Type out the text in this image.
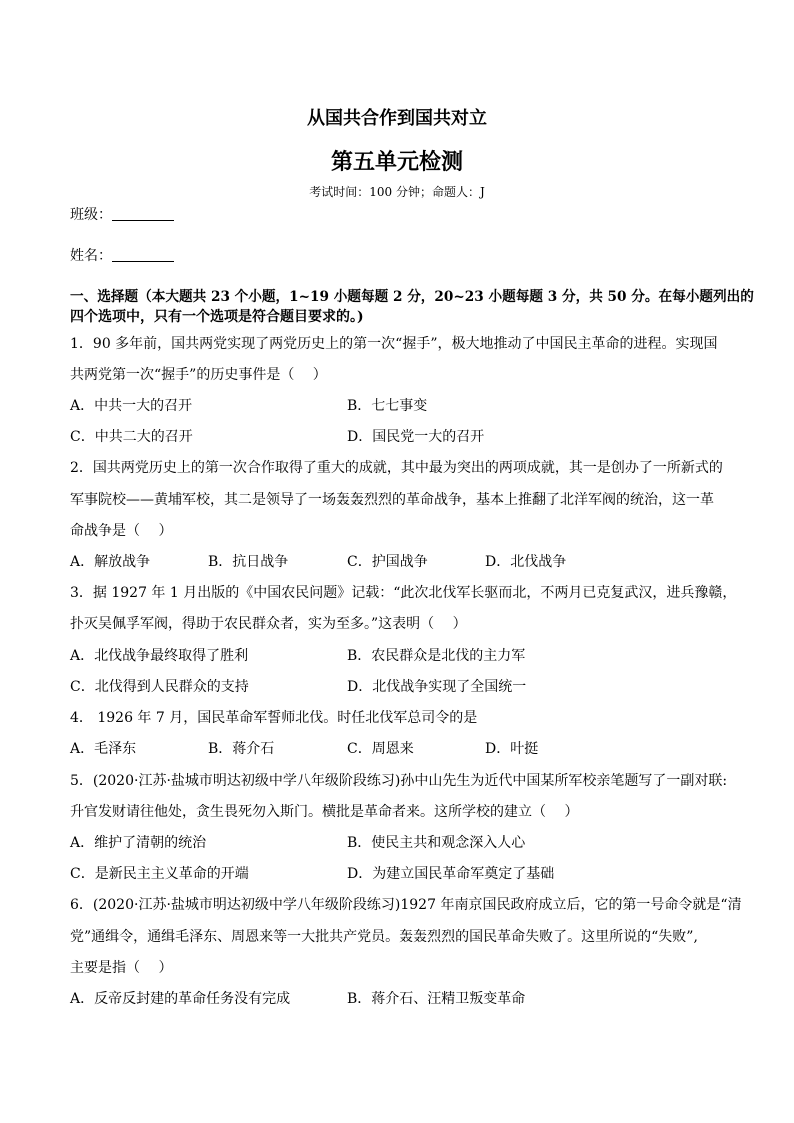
从国共合作到国共对立
第五单元检测
考试时间：100 分钟；命题人：J
班级：
姓名：
一、选择题（本大题共 23 个小题，1~19 小题每题 2 分，20~23 小题每题 3 分，共 50 分。在每小题列出的
四个选项中，只有一个选项是符合题目要求的。)
1．90 多年前，国共两党实现了两党历史上的第一次“握手”，极大地推动了中国民主革命的进程。实现国
共两党第一次“握手”的历史事件是（　 ）
A．中共一大的召开	B．七七事变
C．中共二大的召开	D．国民党一大的召开
2．国共两党历史上的第一次合作取得了重大的成就，其中最为突出的两项成就，其一是创办了一所新式的
军事院校——黄埔军校，其二是领导了一场轰轰烈烈的革命战争，基本上推翻了北洋军阀的统治，这一革
命战争是（　 ）
A．解放战争	B．抗日战争	C．护国战争	D．北伐战争
3．据 1927 年 1 月出版的《中国农民问题》记载：“此次北伐军长驱而北，不两月已克复武汉，进兵豫赣，
扑灭吴佩孚军阀，得助于农民群众者，实为至多。”这表明（　 ）
A．北伐战争最终取得了胜利	B．农民群众是北伐的主力军
C．北伐得到人民群众的支持	D．北伐战争实现了全国统一
4． 1926 年 7 月，国民革命军誓师北伐。时任北伐军总司令的是
A．毛泽东	B．蒋介石	C．周恩来	D．叶挺
5．(2020·江苏·盐城市明达初级中学八年级阶段练习)孙中山先生为近代中国某所军校亲笔题写了一副对联:
升官发财请往他处，贪生畏死勿入斯门。横批是革命者来。这所学校的建立（　 ）
A．维护了清朝的统治	B．使民主共和观念深入人心
C．是新民主主义革命的开端	D．为建立国民革命军奠定了基础
6．(2020·江苏·盐城市明达初级中学八年级阶段练习)1927 年南京国民政府成立后，它的第一号命令就是“清
党”通缉令，通缉毛泽东、周恩来等一大批共产党员。轰轰烈烈的国民革命失败了。这里所说的“失败”,
主要是指（　 ）
A．反帝反封建的革命任务没有完成	B．蒋介石、汪精卫叛变革命
